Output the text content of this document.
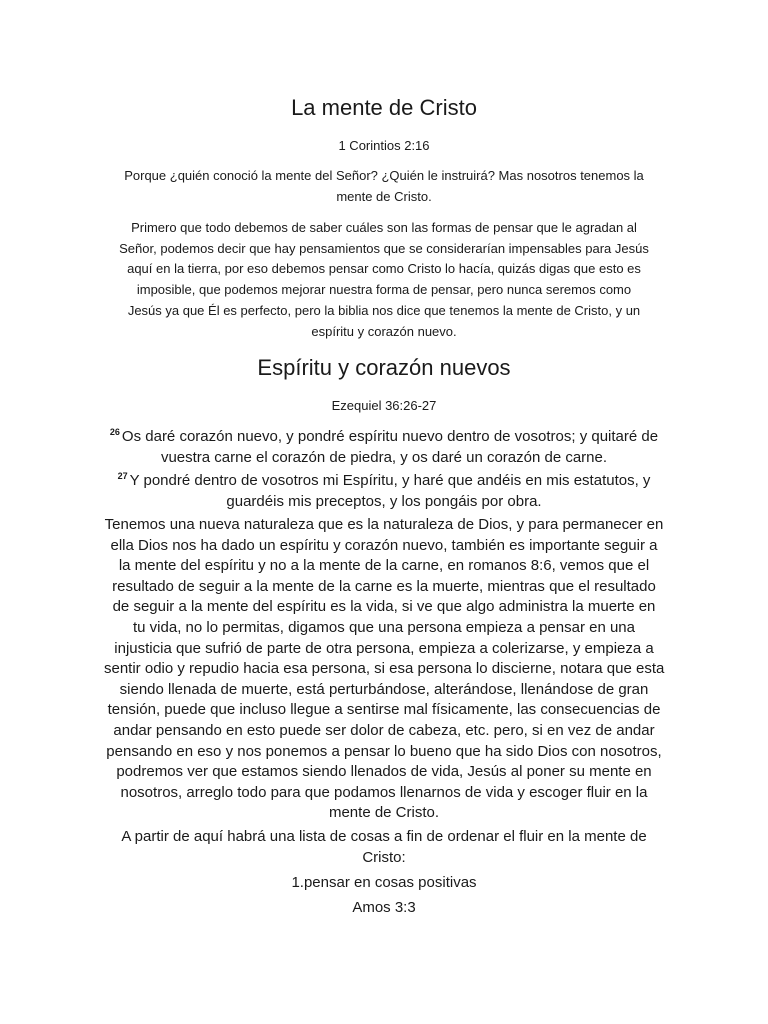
La mente de Cristo

1 Corintios 2:16

Porque ¿quién conoció la mente del Señor? ¿Quién le instruirá? Mas nosotros tenemos la
mente de Cristo.

Primero que todo debemos de saber cuáles son las formas de pensar que le agradan al
Señor, podemos decir que hay pensamientos que se considerarían impensables para Jesús
aquí en la tierra, por eso debemos pensar como Cristo lo hacía, quizás digas que esto es
imposible, que podemos mejorar nuestra forma de pensar, pero nunca seremos como
Jesús ya que Él es perfecto, pero la biblia nos dice que tenemos la mente de Cristo, y un
espíritu y corazón nuevo.

Espíritu y corazón nuevos

Ezequiel 36:26-27

$^{26}$ Os daré corazón nuevo, y pondré espíritu nuevo dentro de vosotros; y quitaré de
vuestra carne el corazón de piedra, y os daré un corazón de carne.

$^{27}$ Y pondré dentro de vosotros mi Espíritu, y haré que andéis en mis estatutos, y
guardéis mis preceptos, y los pongáis por obra.

Tenemos una nueva naturaleza que es la naturaleza de Dios, y para permanecer en
ella Dios nos ha dado un espíritu y corazón nuevo, también es importante seguir a
la mente del espíritu y no a la mente de la carne, en romanos 8:6, vemos que el
resultado de seguir a la mente de la carne es la muerte, mientras que el resultado
de seguir a la mente del espíritu es la vida, si ve que algo administra la muerte en
tu vida, no lo permitas, digamos que una persona empieza a pensar en una
injusticia que sufrió de parte de otra persona, empieza a colerizarse, y empieza a
sentir odio y repudio hacia esa persona, si esa persona lo discierne, notara que esta
siendo llenada de muerte, está perturbándose, alterándose, llenándose de gran
tensión, puede que incluso llegue a sentirse mal físicamente, las consecuencias de
andar pensando en esto puede ser dolor de cabeza, etc. pero, si en vez de andar
pensando en eso y nos ponemos a pensar lo bueno que ha sido Dios con nosotros,
podremos ver que estamos siendo llenados de vida, Jesús al poner su mente en
nosotros, arreglo todo para que podamos llenarnos de vida y escoger fluir en la
mente de Cristo.

A partir de aquí habrá una lista de cosas a fin de ordenar el fluir en la mente de
Cristo:

1.pensar en cosas positivas

Amos 3:3
